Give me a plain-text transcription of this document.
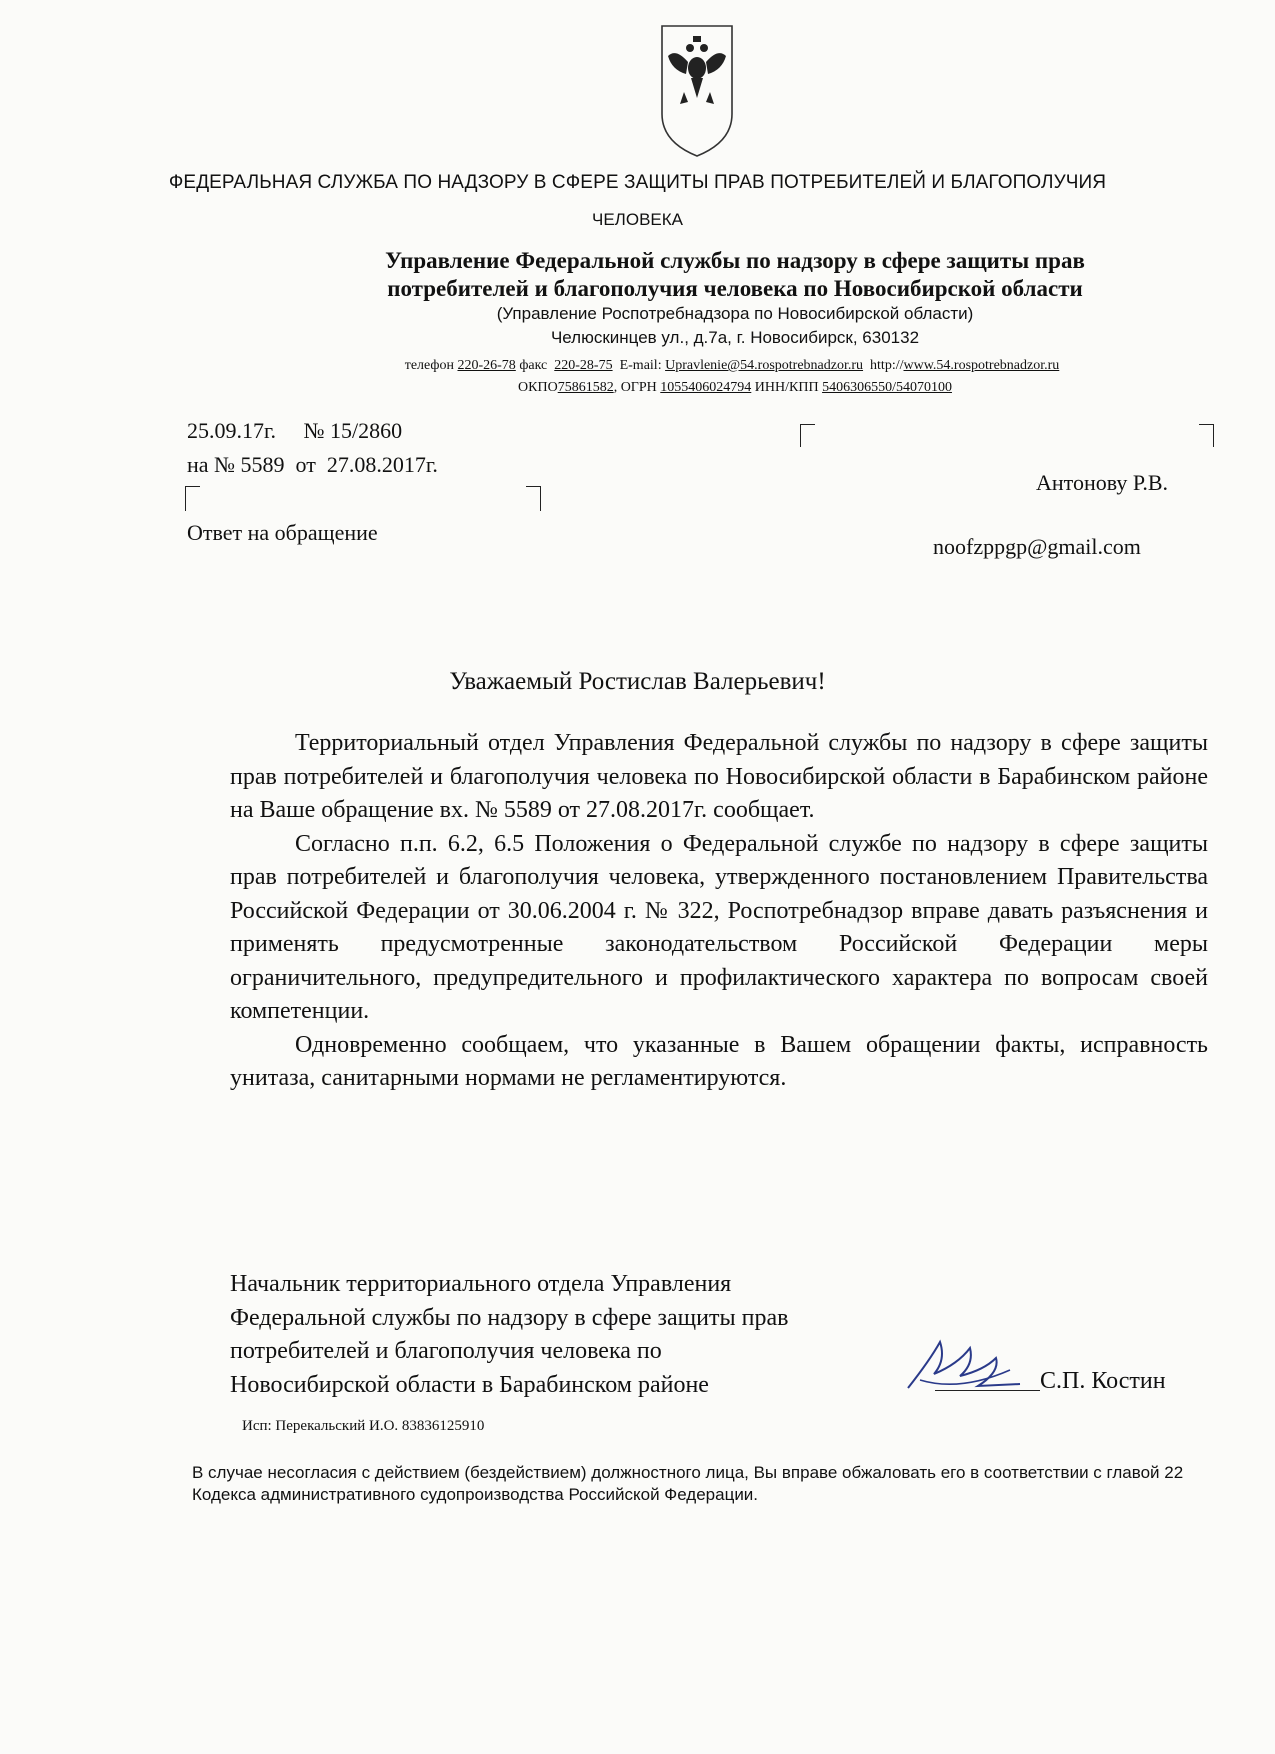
ФЕДЕРАЛЬНАЯ СЛУЖБА ПО НАДЗОРУ В СФЕРЕ ЗАЩИТЫ ПРАВ ПОТРЕБИТЕЛЕЙ И БЛАГОПОЛУЧИЯ
ЧЕЛОВЕКА
Управление Федеральной службы по надзору в сфере защиты прав
потребителей и благополучия человека по Новосибирской области
(Управление Роспотребнадзора по Новосибирской области)
Челюскинцев ул., д.7а, г. Новосибирск, 630132
телефон 220-26-78 факс 220-28-75 E-mail: Upravlenie@54.rospotrebnadzor.ru http://www.54.rospotrebnadzor.ru
ОКПО75861582, ОГРН 1055406024794 ИНН/КПП 5406306550/54070100
25.09.17г. № 15/2860
на № 5589 от 27.08.2017г.
Ответ на обращение
Антонову Р.В.
noofzppgp@gmail.com
Уважаемый Ростислав Валерьевич!

Территориальный отдел Управления Федеральной службы по надзору в сфере защиты прав потребителей и благополучия человека по Новосибирской области в Барабинском районе на Ваше обращение вх. № 5589 от 27.08.2017г. сообщает.

Согласно п.п. 6.2, 6.5 Положения о Федеральной службе по надзору в сфере защиты прав потребителей и благополучия человека, утвержденного постановлением Правительства Российской Федерации от 30.06.2004 г. № 322, Роспотребнадзор вправе давать разъяснения и применять предусмотренные законодательством Российской Федерации меры ограничительного, предупредительного и профилактического характера по вопросам своей компетенции.

Одновременно сообщаем, что указанные в Вашем обращении факты, исправность унитаза, санитарными нормами не регламентируются.

Начальник территориального отдела Управления
Федеральной службы по надзору в сфере защиты прав
потребителей и благополучия человека по
Новосибирской области в Барабинском районе	С.П. Костин
Исп: Перекальский И.О. 83836125910
В случае несогласия с действием (бездействием) должностного лица, Вы вправе обжаловать его в соответствии с главой 22 Кодекса административного судопроизводства Российской Федерации.
